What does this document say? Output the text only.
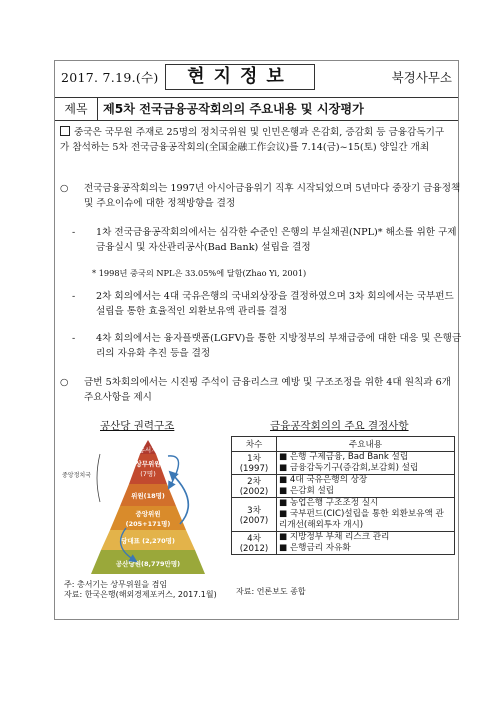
2017. 7.19.(수)	현지정보	북경사무소
제목	제5차 전국금융공작회의의 주요내용 및 시장평가
중국은 국무원 주재로 25명의 정치국위원 및 인민은행과 은감회, 증감회 등 금융감독기구가 참석하는 5차 전국금융공작회의(全国金融工作会议)를 7.14(금)~15(토) 양일간 개최
○ 전국금융공작회의는 1997년 아시아금융위기 직후 시작되었으며 5년마다 중장기 금융정책 및 주요이슈에 대한 정책방향을 결정
- 1차 전국금융공작회의에서는 심각한 수준인 은행의 부실채권(NPL)* 해소를 위한 구제금융실시 및 자산관리공사(Bad Bank) 설립을 결정
* 1998년 중국의 NPL은 33.05%에 달함(Zhao Yi, 2001)
- 2차 회의에서는 4대 국유은행의 국내외상장을 결정하였으며 3차 회의에서는 국부펀드 설립을 통한 효율적인 외환보유액 관리를 결정
- 4차 회의에서는 융자플랫폼(LGFV)을 통한 지방정부의 부채급증에 대한 대응 및 은행금리의 자유화 추진 등을 결정
○ 금번 5차회의에서는 시진핑 주석이 금융리스크 예방 및 구조조정을 위한 4대 원칙과 6개 주요사항을 제시
공산당 권력구조
총서기
상무위원
(7명)
위원(18명)
중앙위원
(205+171명)
당대표 (2,270명)
공산당원(8,779만명)
중앙정치국
주: 총서기는 상무위원을 겸임
자료: 한국은행(해외경제포커스, 2017.1월)
금융공작회의의 주요 결정사항
차수	주요내용
1차(1997)	■ 은행 구제금융, Bad Bank 설립
■ 금융감독기구(증감회,보감회) 설립

2차(2002)	■ 4대 국유은행의 상장
■ 은감회 설립

3차(2007)	■ 농업은행 구조조정 실시
■ 국부펀드(CIC)설립을 통한 외환보유액 관리개선(해외투자 개시)

4차(2012)	■ 지방정부 부채 리스크 관리
■ 은행금리 자유화
자료: 언론보도 종합
